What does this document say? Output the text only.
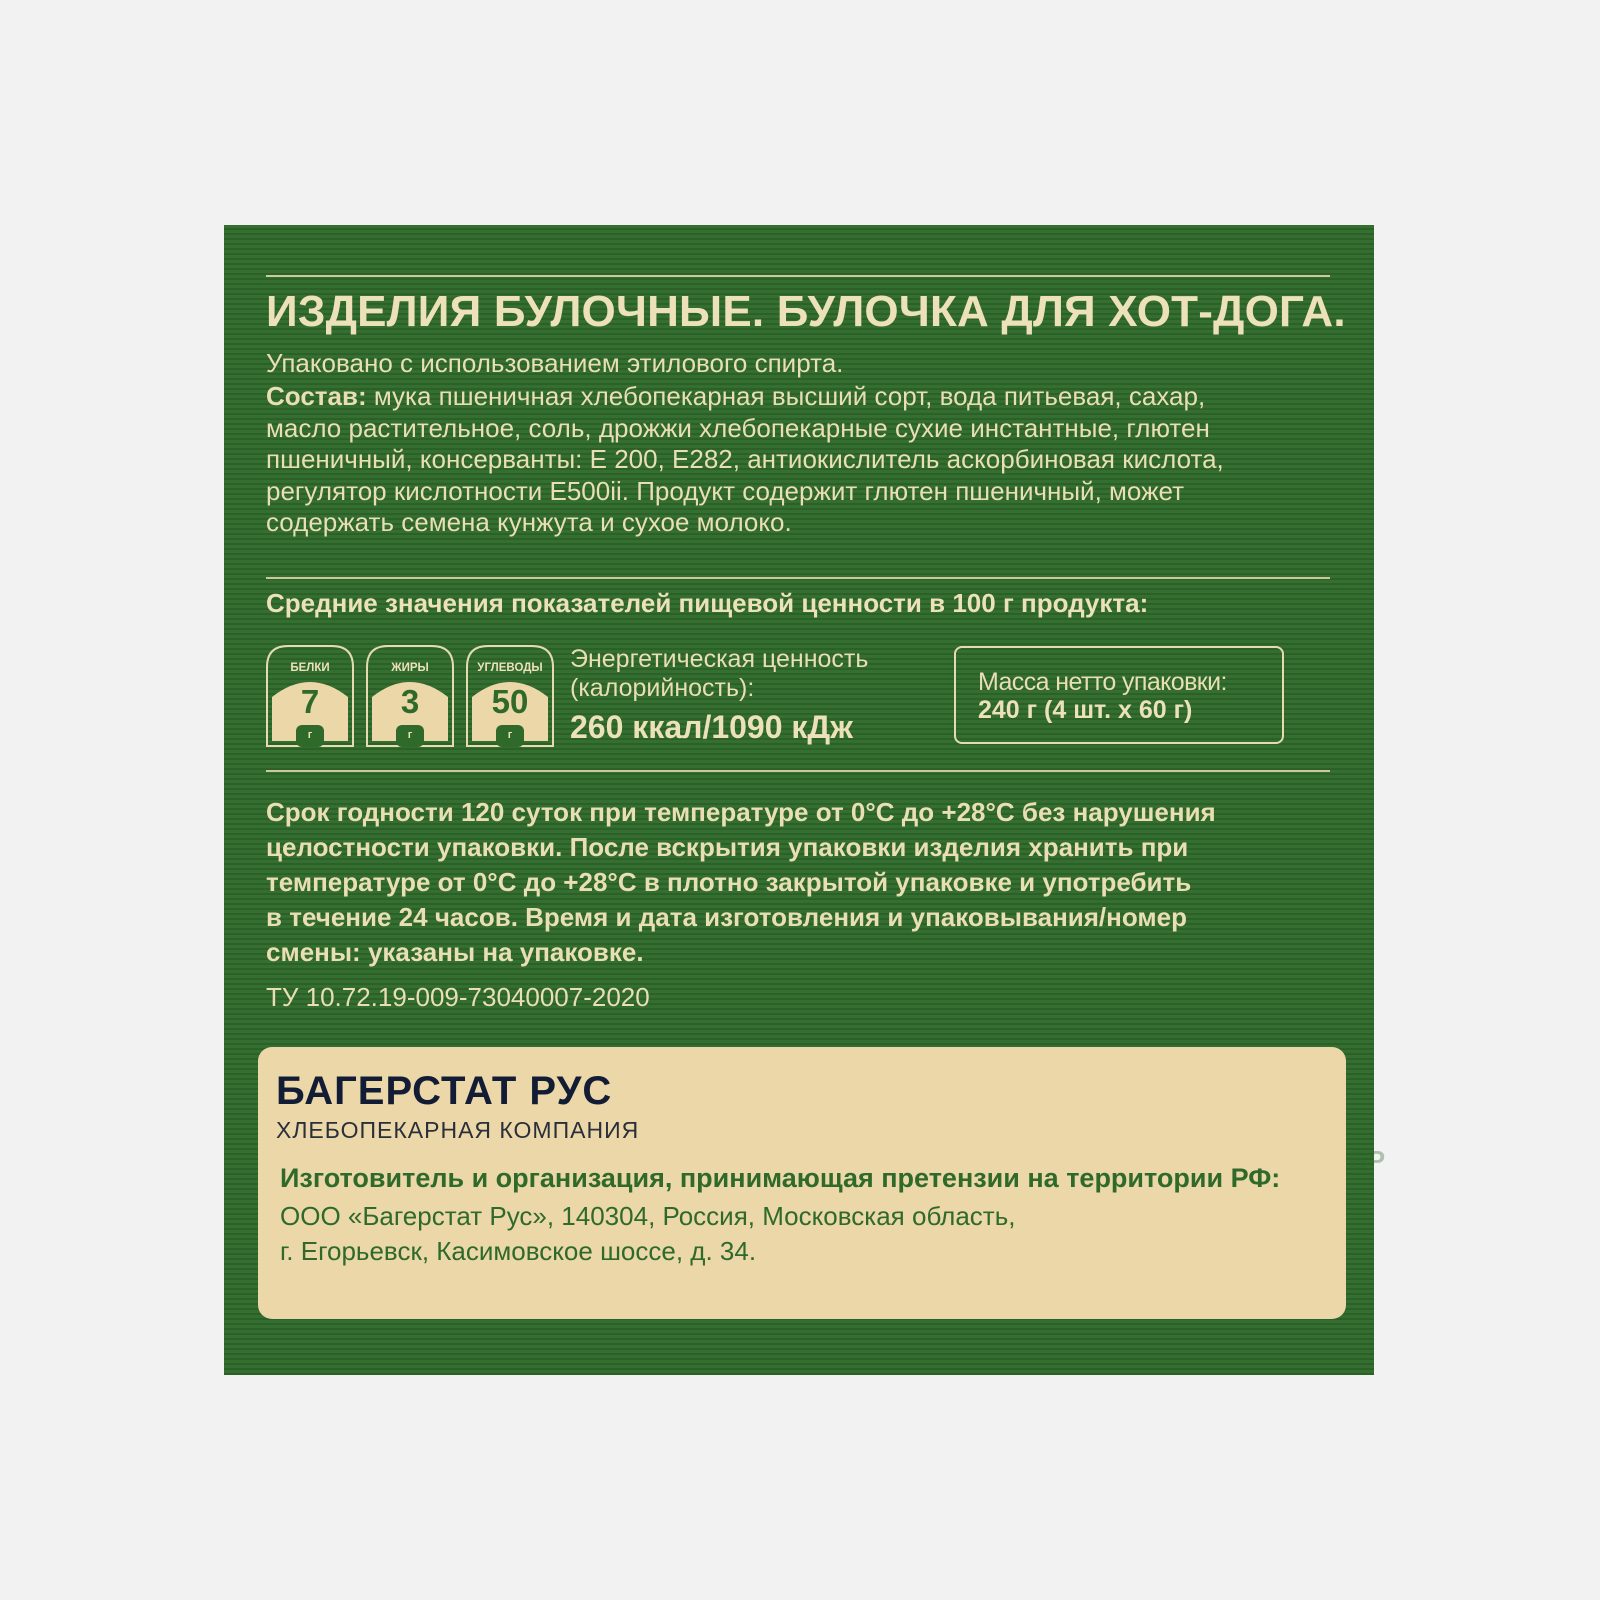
ИЗДЕЛИЯ БУЛОЧНЫЕ. БУЛОЧКА ДЛЯ ХОТ-ДОГА.
Упаковано с использованием этилового спирта.
Состав: мука пшеничная хлебопекарная высший сорт, вода питьевая, сахар,
масло растительное, соль, дрожжи хлебопекарные сухие инстантные, глютен
пшеничный, консерванты: Е 200, Е282, антиокислитель аскорбиновая кислота,
регулятор кислотности Е500ii. Продукт содержит глютен пшеничный, может
содержать семена кунжута и сухое молоко.
Средние значения показателей пищевой ценности в 100 г продукта:
БЕЛКИ
7
г
ЖИРЫ
3
г
УГЛЕВОДЫ
50
г
Энергетическая ценность
(калорийность):
260 ккал/1090 кДж
Масса нетто упаковки:
240 г (4 шт. х 60 г)
Срок годности 120 суток при температуре от 0°С до +28°С без нарушения
целостности упаковки. После вскрытия упаковки изделия хранить при
температуре от 0°С до +28°С в плотно закрытой упаковке и употребить
в течение 24 часов. Время и дата изготовления и упаковывания/номер
смены: указаны на упаковке.
ТУ 10.72.19-009-73040007-2020
БР
БАГЕРСТАТ РУС
ХЛЕБОПЕКАРНАЯ КОМПАНИЯ
Изготовитель и организация, принимающая претензии на территории РФ:
ООО «Багерстат Рус», 140304, Россия, Московская область,
г. Егорьевск, Касимовское шоссе, д. 34.
